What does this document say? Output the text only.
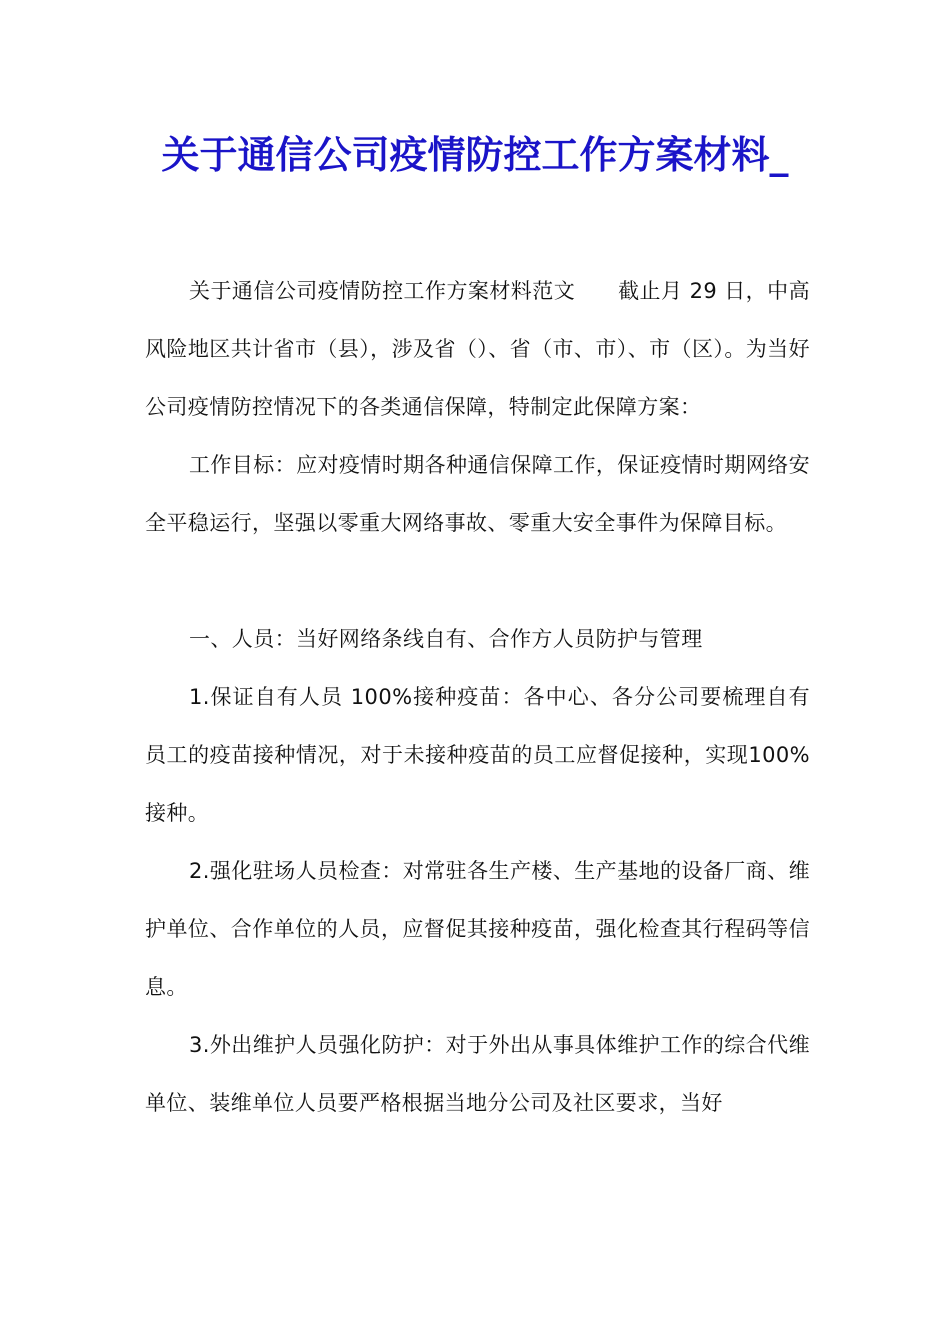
关于通信公司疫情防控工作方案材料_

关于通信公司疫情防控工作方案材料范文　　截止月 29 日，中高风险地区共计省市（县），涉及省（）、省（市、市）、市（区）。为当好公司疫情防控情况下的各类通信保障，特制定此保障方案：

工作目标：应对疫情时期各种通信保障工作，保证疫情时期网络安全平稳运行，坚强以零重大网络事故、零重大安全事件为保障目标。

一、人员：当好网络条线自有、合作方人员防护与管理

1.保证自有人员 100%接种疫苗：各中心、各分公司要梳理自有员工的疫苗接种情况，对于未接种疫苗的员工应督促接种，实现100%接种。

2.强化驻场人员检查：对常驻各生产楼、生产基地的设备厂商、维护单位、合作单位的人员，应督促其接种疫苗，强化检查其行程码等信息。

3.外出维护人员强化防护：对于外出从事具体维护工作的综合代维单位、装维单位人员要严格根据当地分公司及社区要求，当好
